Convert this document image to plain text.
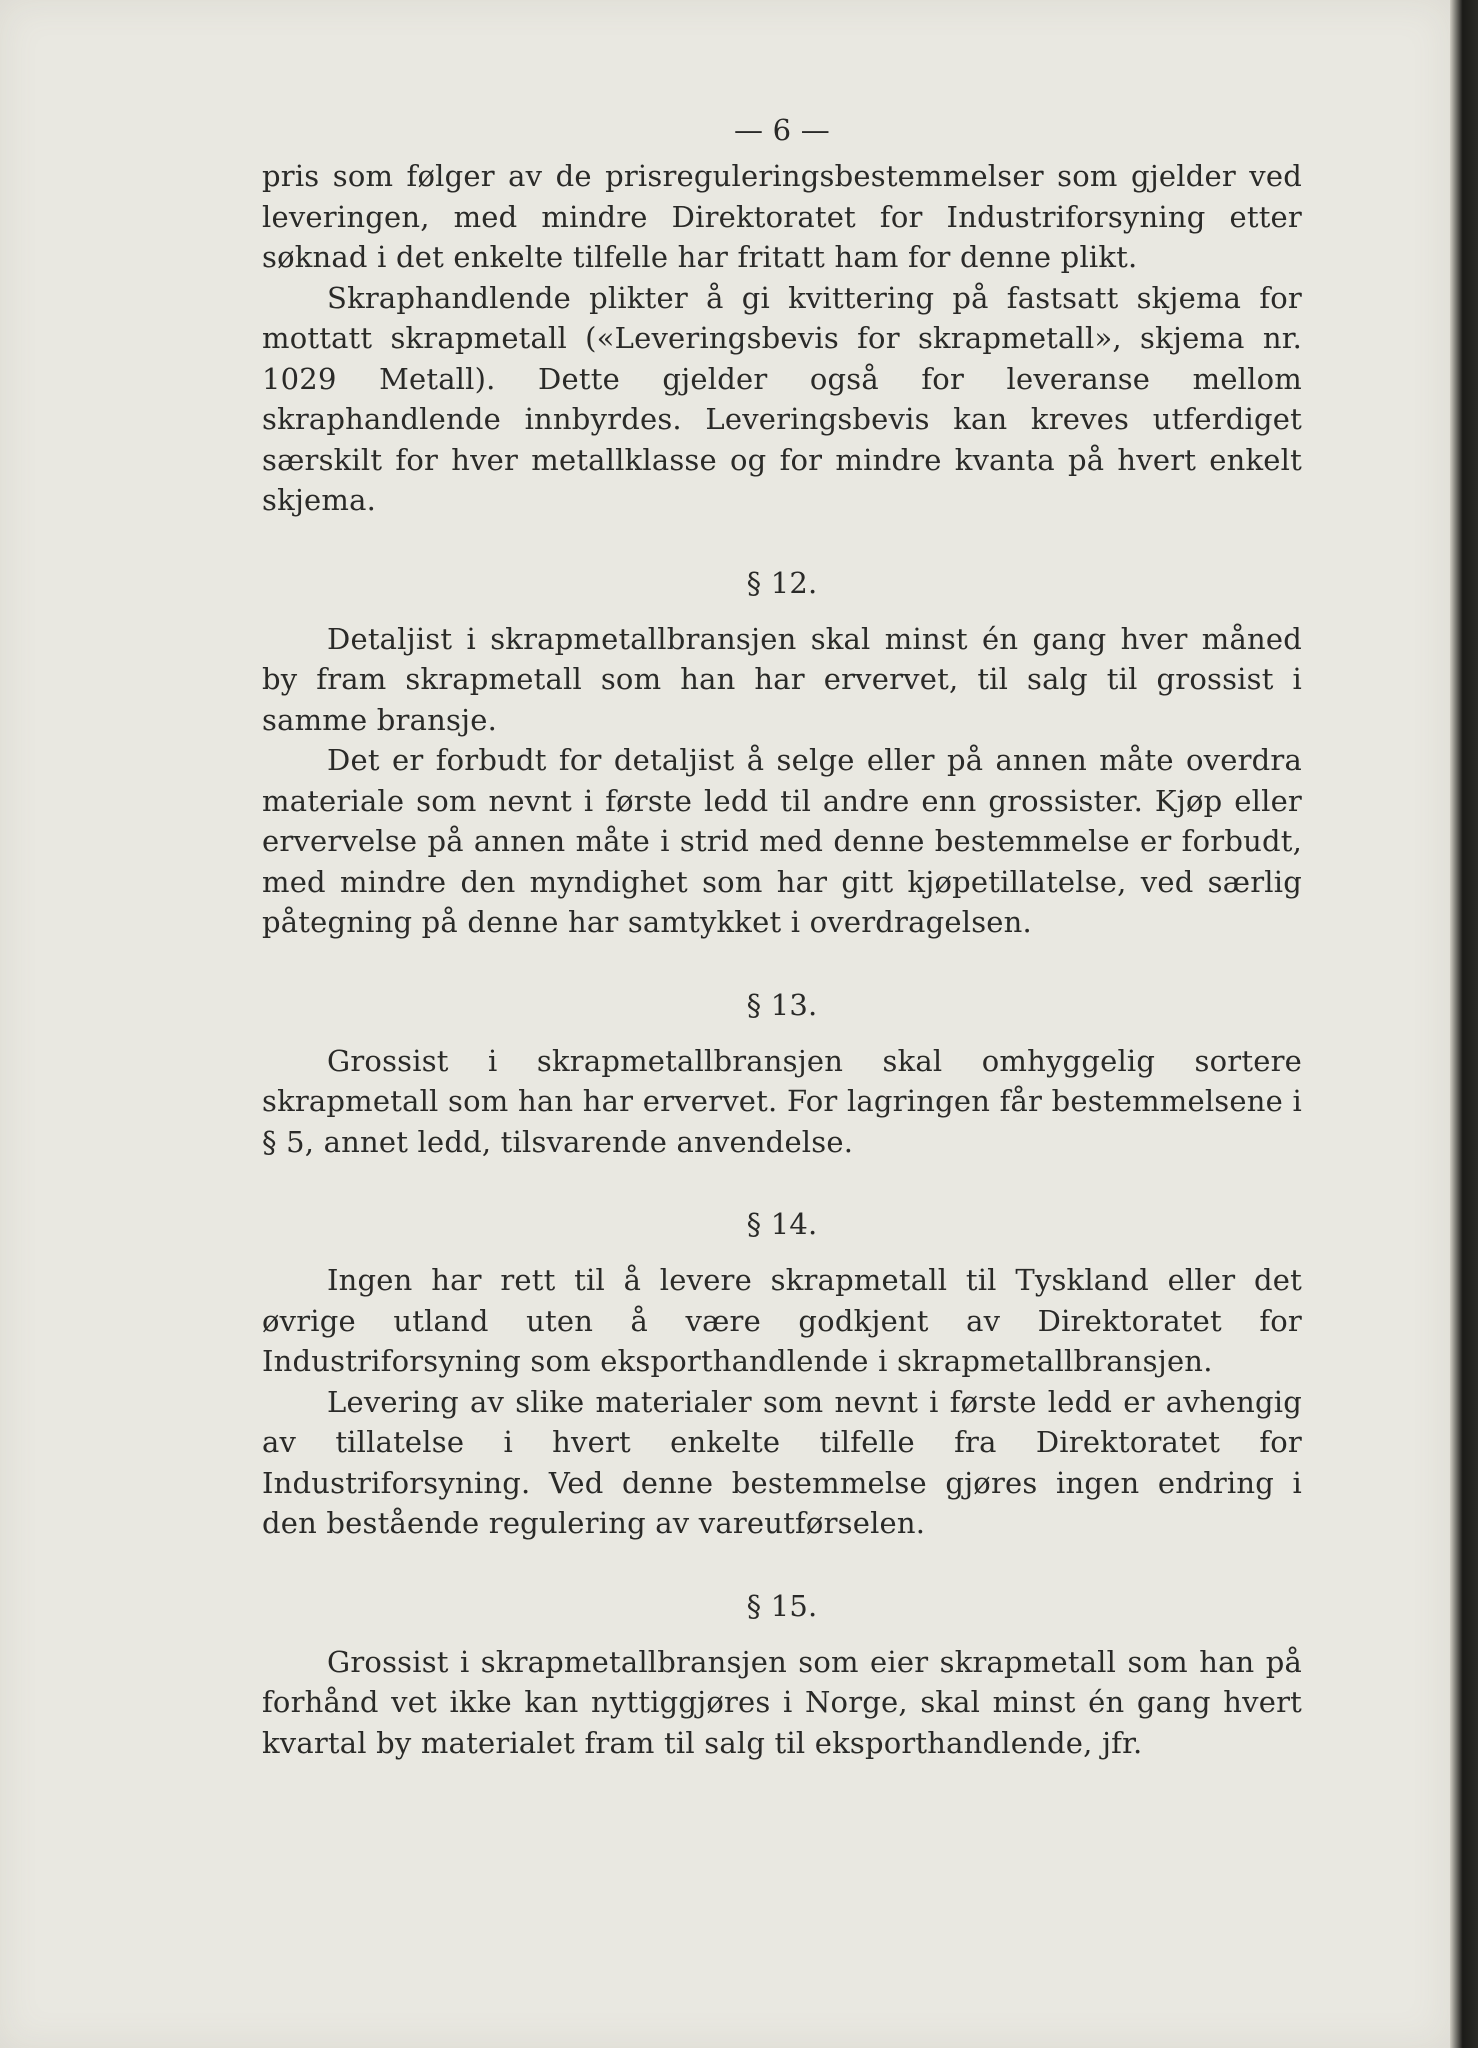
— 6 —

pris som følger av de prisreguleringsbestemmelser som gjelder ved leveringen, med mindre Direktoratet for Industriforsyning etter søknad i det enkelte tilfelle har fritatt ham for denne plikt.

Skraphandlende plikter å gi kvittering på fastsatt skjema for mottatt skrapmetall («Leveringsbevis for skrapmetall», skjema nr. 1029 Metall). Dette gjelder også for leveranse mellom skraphandlende innbyrdes. Leveringsbevis kan kreves utferdiget særskilt for hver metallklasse og for mindre kvanta på hvert enkelt skjema.

§ 12.

Detaljist i skrapmetallbransjen skal minst én gang hver måned by fram skrapmetall som han har ervervet, til salg til grossist i samme bransje.

Det er forbudt for detaljist å selge eller på annen måte overdra materiale som nevnt i første ledd til andre enn grossister. Kjøp eller ervervelse på annen måte i strid med denne bestemmelse er forbudt, med mindre den myndighet som har gitt kjøpetillatelse, ved særlig påtegning på denne har samtykket i overdragelsen.

§ 13.

Grossist i skrapmetallbransjen skal omhyggelig sortere skrapmetall som han har ervervet. For lagringen får bestemmelsene i § 5, annet ledd, tilsvarende anvendelse.

§ 14.

Ingen har rett til å levere skrapmetall til Tyskland eller det øvrige utland uten å være godkjent av Direktoratet for Industriforsyning som eksporthandlende i skrapmetallbransjen.

Levering av slike materialer som nevnt i første ledd er avhengig av tillatelse i hvert enkelte tilfelle fra Direktoratet for Industriforsyning. Ved denne bestemmelse gjøres ingen endring i den bestående regulering av vareutførselen.

§ 15.

Grossist i skrapmetallbransjen som eier skrapmetall som han på forhånd vet ikke kan nyttiggjøres i Norge, skal minst én gang hvert kvartal by materialet fram til salg til eksporthandlende, jfr.
